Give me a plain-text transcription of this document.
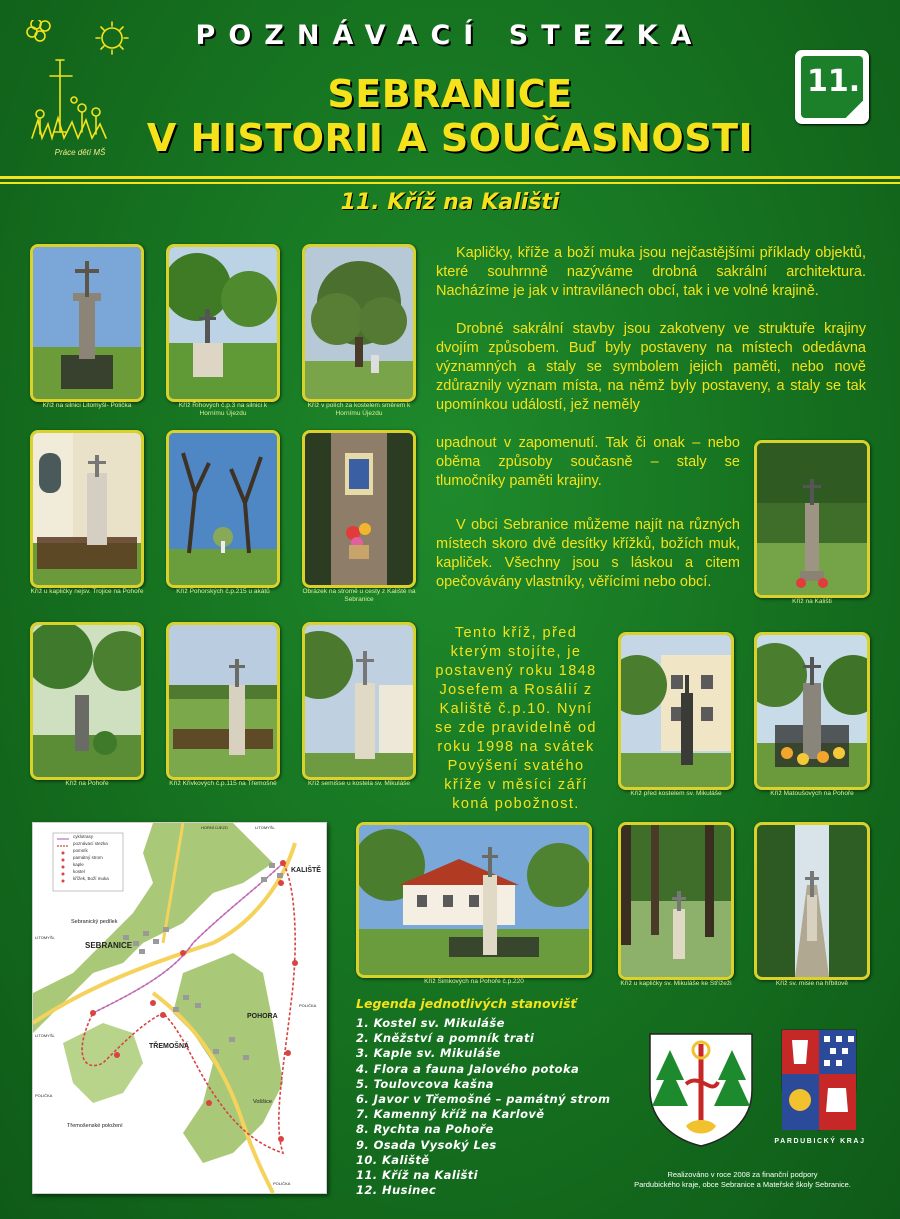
POZNÁVACÍ STEZKA
SEBRANICE
V HISTORII A SOUČASNOSTI
Práce dětí MŠ
11.
11. Kříž na Kališti
Kříž na silnici Litomyšl- Polička	Kříž Říhových č.p.3 na silnici k Hornímu Újezdu
Kříž v polích za kostelem směrem k Hornímu Újezdu
Kříž u kapličky nejsv. Trojice na Pohoře	Kříž Pohorských č.p.215 u akátů	Obrázek na stromě u cesty z Kaliště na Sebranice	Kříž na Kališti
Kříž na Pohoře	Kříž Křivkových č.p.115 na Třemošné	Kříž semišse u kostela sv. Mikuláše
Kříž před kostelem sv. Mikuláše	Kříž Matoušových na Pohoře
Kříž Šimkových na Pohoře č.p.220	Kříž u kapličky sv. Mikuláše ke Střížeži	Kříž sv. misie na hřbitově

Kapličky, kříže a boží muka jsou nejčastějšími příklady objektů, které souhrnně nazýváme drobná sakrální architektura. Nacházíme je jak v intravilánech obcí, tak i ve volné krajině.

Drobné sakrální stavby jsou zakotveny ve struktuře krajiny dvojím způsobem. Buď byly postaveny na místech odedávna významných a staly se symbolem jejich paměti, nebo nově zdůraznily význam místa, na němž byly postaveny, a staly se tak upomínkou událostí, jež neměly

upadnout v zapomenutí. Tak či onak – nebo oběma způsoby současně – staly se tlumočníky paměti krajiny.

V obci Sebranice můžeme najít na různých místech skoro dvě desítky křížků, božích muk, kapliček. Všechny jsou s láskou a citem opečovávány vlastníky, věřícími nebo obcí.

Tento kříž, před kterým stojíte, je postavený roku 1848 Josefem a Rosálií z Kaliště č.p.10. Nyní se zde pravidelně od roku 1998 na svátek Povýšení svatého kříže v měsíci září koná pobožnost.

cyklotrasy
poznávací stezka
pomník
památný strom
kaple
kostel
křížek, Boží muka
KALIŠTĚ
Sebranický pedílek
SEBRANICE
POHORA
TŘEMOŠNÁ
Voššice
Třemošenské položení
HORNÍ ÚJEZD	LITOMYŠL
LITOMYŠL
POLIČKA
POLIČKA
POLIČKA
LITOMYŠL
Legenda jednotlivých stanovišť
1. Kostel sv. Mikuláše
2. Kněžství a pomník trati
3. Kaple sv. Mikuláše
4. Flora a fauna Jalového potoka
5. Toulovcova kašna
6. Javor v Třemošné – památný strom
7. Kamenný kříž na Karlově
8. Rychta na Pohoře
9. Osada Vysoký Les
10. Kaliště
11. Kříž na Kališti
12. Husinec
PARDUBICKÝ KRAJ
Realizováno v roce 2008 za finanční podpory
Pardubického kraje, obce Sebranice a Mateřské školy Sebranice.
